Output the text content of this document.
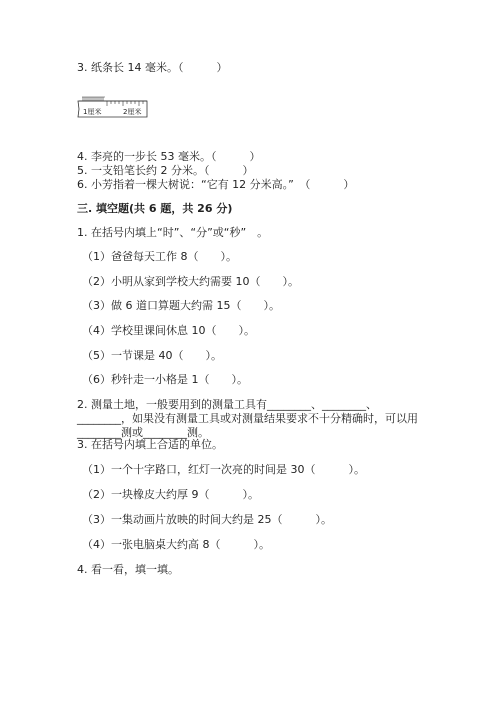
3. 纸条长 14 毫米。（　　　）
1厘米	2厘米
4. 李亮的一步长 53 毫米。（　　　）
5. 一支铅笔长约 2 分米。（　　　）
6. 小芳指着一棵大树说：“它有 12 分米高。”　（　　　）
三. 填空题(共 6 题，共 26 分)
1. 在括号内填上“时”、“分”或“秒”　。
（1）爸爸每天工作 8（　　）。
（2）小明从家到学校大约需要 10（　　）。
（3）做 6 道口算题大约需 15（　　）。
（4）学校里课间休息 10（　　）。
（5）一节课是 40（　　）。
（6）秒针走一小格是 1（　　）。
2. 测量土地，一般要用到的测量工具有________、________、________，如果没有测量工具或对测量结果要求不十分精确时，可以用________测或________测。
3. 在括号内填上合适的单位。
（1）一个十字路口，红灯一次亮的时间是 30（　　　）。
（2）一块橡皮大约厚 9（　　　）。
（3）一集动画片放映的时间大约是 25（　　　）。
（4）一张电脑桌大约高 8（　　　）。
4. 看一看，填一填。
